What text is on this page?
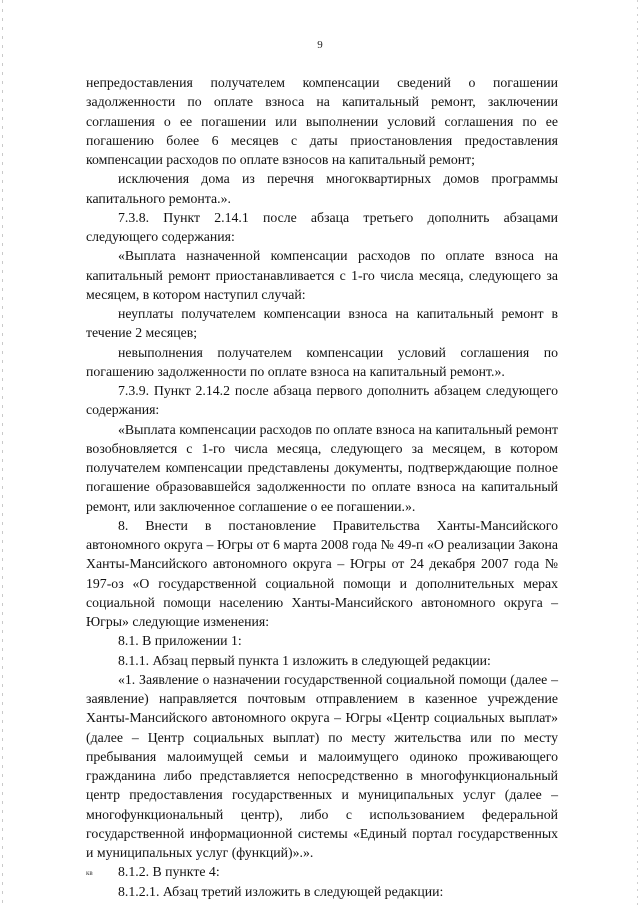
9

непредоставления получателем компенсации сведений о погашении задолженности по оплате взноса на капитальный ремонт, заключении соглашения о ее погашении или выполнении условий соглашения по ее погашению более 6 месяцев с даты приостановления предоставления компенсации расходов по оплате взносов на капитальный ремонт;

исключения дома из перечня многоквартирных домов программы капитального ремонта.».

7.3.8. Пункт 2.14.1 после абзаца третьего дополнить абзацами следующего содержания:

«Выплата назначенной компенсации расходов по оплате взноса на капитальный ремонт приостанавливается с 1-го числа месяца, следующего за месяцем, в котором наступил случай:

неуплаты получателем компенсации взноса на капитальный ремонт в течение 2 месяцев;

невыполнения получателем компенсации условий соглашения по погашению задолженности по оплате взноса на капитальный ремонт.».

7.3.9. Пункт 2.14.2 после абзаца первого дополнить абзацем следующего содержания:

«Выплата компенсации расходов по оплате взноса на капитальный ремонт возобновляется с 1-го числа месяца, следующего за месяцем, в котором получателем компенсации представлены документы, подтверждающие полное погашение образовавшейся задолженности по оплате взноса на капитальный ремонт, или заключенное соглашение о ее погашении.».

8. Внести в постановление Правительства Ханты-Мансийского автономного округа – Югры от 6 марта 2008 года № 49-п «О реализации Закона Ханты-Мансийского автономного округа – Югры от 24 декабря 2007 года № 197-оз «О государственной социальной помощи и дополнительных мерах социальной помощи населению Ханты-Мансийского автономного округа – Югры» следующие изменения:

8.1. В приложении 1:

8.1.1. Абзац первый пункта 1 изложить в следующей редакции:

«1. Заявление о назначении государственной социальной помощи (далее – заявление) направляется почтовым отправлением в казенное учреждение Ханты-Мансийского автономного округа – Югры «Центр социальных выплат» (далее – Центр социальных выплат) по месту жительства или по месту пребывания малоимущей семьи и малоимущего одиноко проживающего гражданина либо представляется непосредственно в многофункциональный центр предоставления государственных и муниципальных услуг (далее – многофункциональный центр), либо с использованием федеральной государственной информационной системы «Единый портал государственных и муниципальных услуг (функций)».».

8.1.2. В пункте 4:

8.1.2.1. Абзац третий изложить в следующей редакции:

кв
